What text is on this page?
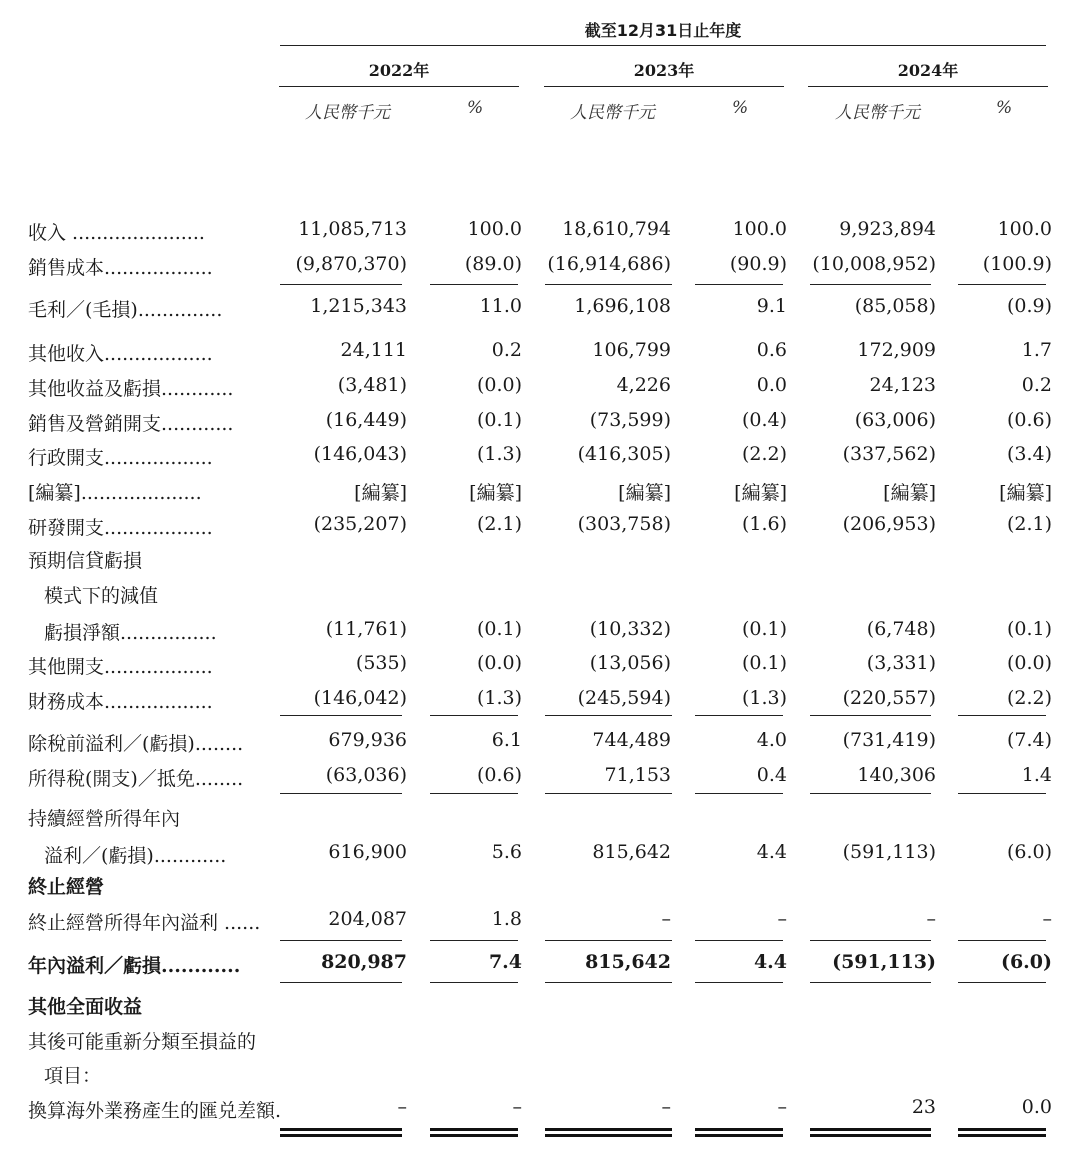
截至12月31日止年度
2022年	2023年	2024年
人民幣千元	%	人民幣千元	%	人民幣千元	%
收入 ......................	11,085,713	100.0	18,610,794	100.0	9,923,894	100.0
銷售成本..................	(9,870,370)	(89.0)	(16,914,686)	(90.9)	(10,008,952)	(100.9)
毛利／(毛損)..............	1,215,343	11.0	1,696,108	9.1	(85,058)	(0.9)
其他收入..................	24,111	0.2	106,799	0.6	172,909	1.7
其他收益及虧損............	(3,481)	(0.0)	4,226	0.0	24,123	0.2
銷售及營銷開支............	(16,449)	(0.1)	(73,599)	(0.4)	(63,006)	(0.6)
行政開支..................	(146,043)	(1.3)	(416,305)	(2.2)	(337,562)	(3.4)
[編纂]....................	[編纂]	[編纂]	[編纂]	[編纂]	[編纂]	[編纂]
研發開支..................	(235,207)	(2.1)	(303,758)	(1.6)	(206,953)	(2.1)
預期信貸虧損
模式下的減值
虧損淨額................	(11,761)	(0.1)	(10,332)	(0.1)	(6,748)	(0.1)
其他開支..................	(535)	(0.0)	(13,056)	(0.1)	(3,331)	(0.0)
財務成本..................	(146,042)	(1.3)	(245,594)	(1.3)	(220,557)	(2.2)
除稅前溢利／(虧損)........	679,936	6.1	744,489	4.0	(731,419)	(7.4)
所得稅(開支)／抵免........	(63,036)	(0.6)	71,153	0.4	140,306	1.4
持續經營所得年內
溢利／(虧損)............	616,900	5.6	815,642	4.4	(591,113)	(6.0)
終止經營
終止經營所得年內溢利 ......	204,087	1.8	–	–	–	–
年內溢利／虧損............	820,987	7.4	815,642	4.4	(591,113)	(6.0)
其他全面收益
其後可能重新分類至損益的
項目：
換算海外業務產生的匯兑差額.	–	–	–	–	23	0.0
